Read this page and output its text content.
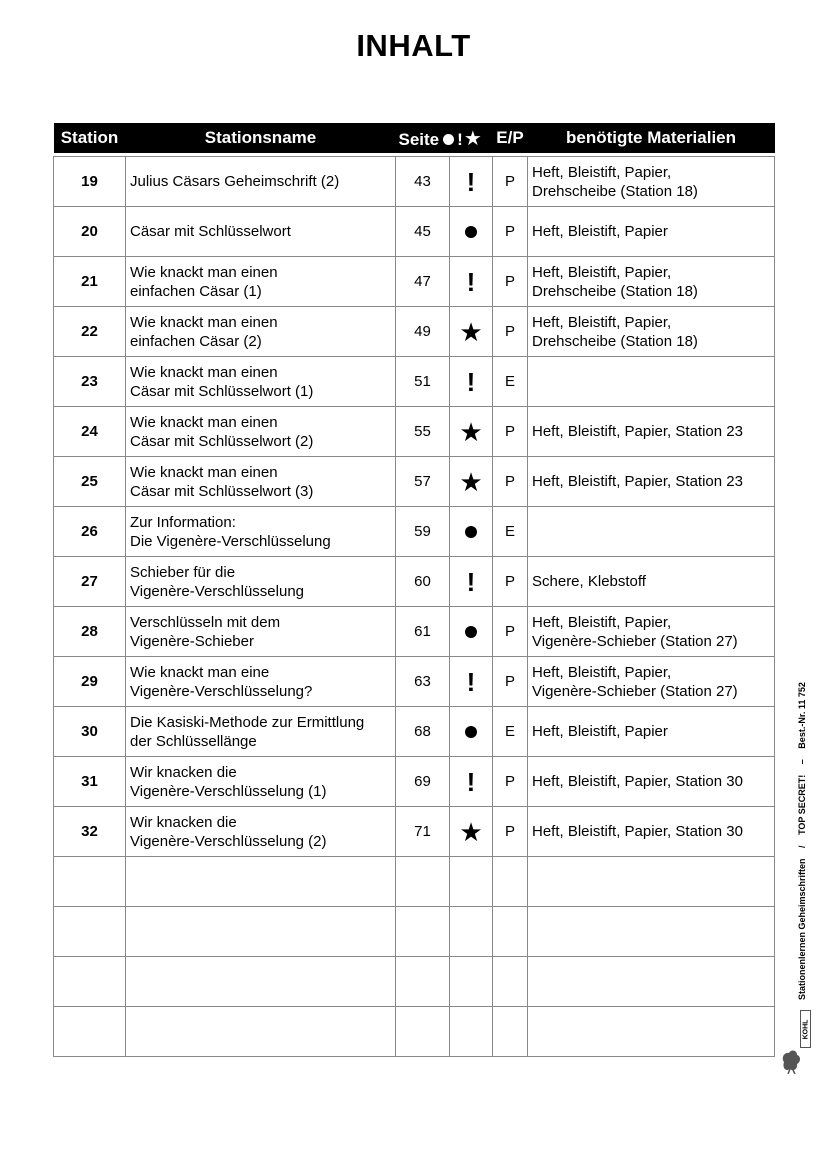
INHALT
Station	Stationsname	Seite !★		E/P	benötigte Materialien

19	Julius Cäsars Geheimschrift (2)	43	!	P	Heft, Bleistift, Papier,
Drehscheibe (Station 18)

20	Cäsar mit Schlüsselwort	45		P	Heft, Bleistift, Papier

21	Wie knackt man einen
einfachen Cäsar (1)	47	!	P	Heft, Bleistift, Papier,
Drehscheibe (Station 18)

22	Wie knackt man einen
einfachen Cäsar (2)	49	★	P	Heft, Bleistift, Papier,
Drehscheibe (Station 18)

23	Wie knackt man einen
Cäsar mit Schlüsselwort (1)	51	!	E	
24	Wie knackt man einen
Cäsar mit Schlüsselwort (2)	55	★	P	Heft, Bleistift, Papier, Station 23

25	Wie knackt man einen
Cäsar mit Schlüsselwort (3)	57	★	P	Heft, Bleistift, Papier, Station 23

26	Zur Information:
Die Vigenère-Verschlüsselung	59		E	
27	Schieber für die
Vigenère-Verschlüsselung	60	!	P	Schere, Klebstoff

28	Verschlüsseln mit dem
Vigenère-Schieber	61		P	Heft, Bleistift, Papier,
Vigenère-Schieber (Station 27)

29	Wie knackt man eine
Vigenère-Verschlüsselung?	63	!	P	Heft, Bleistift, Papier,
Vigenère-Schieber (Station 27)

30	Die Kasiski-Methode zur Ermittlung
der Schlüssellänge	68		E	Heft, Bleistift, Papier

31	Wir knacken die
Vigenère-Verschlüsselung (1)	69	!	P	Heft, Bleistift, Papier, Station 30

32	Wir knacken die
Vigenère-Verschlüsselung (2)	71	★	P	Heft, Bleistift, Papier, Station 30

Stationenlernen Geheimschriften / TOP SECRET! – Best.-Nr. 11 752
KOHL
